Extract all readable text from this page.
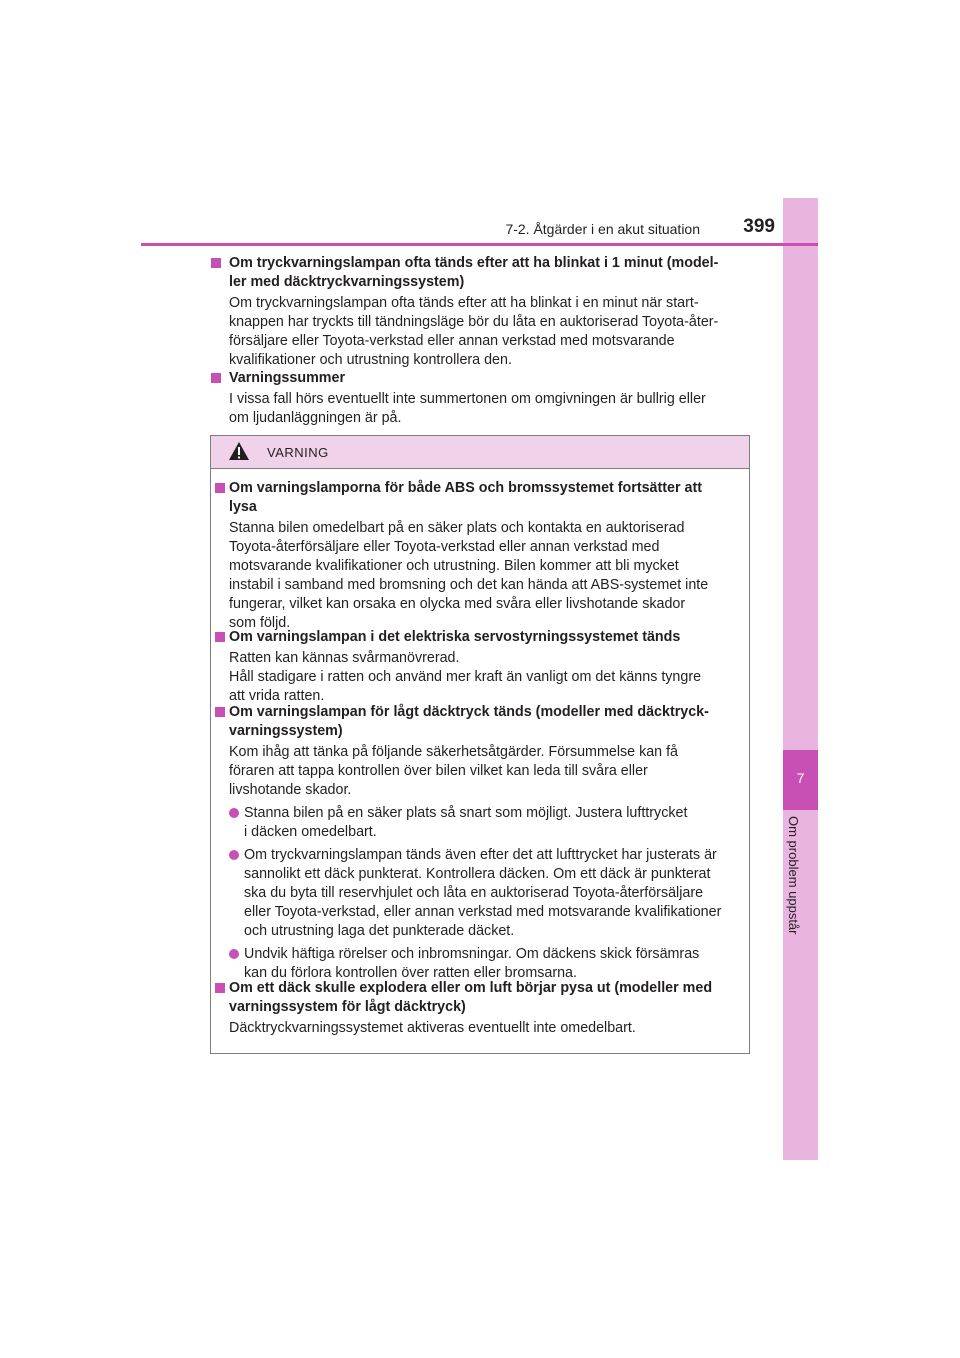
7
Om problem uppstår
7-2. Åtgärder i en akut situation	399
Om tryckvarningslampan ofta tänds efter att ha blinkat i 1 minut (model-
ler med däcktryckvarningssystem)
Om tryckvarningslampan ofta tänds efter att ha blinkat i en minut när start-
knappen har tryckts till tändningsläge bör du låta en auktoriserad Toyota-åter-
försäljare eller Toyota-verkstad eller annan verkstad med motsvarande
kvalifikationer och utrustning kontrollera den.
Varningssummer
I vissa fall hörs eventuellt inte summertonen om omgivningen är bullrig eller
om ljudanläggningen är på.
VARNING
Om varningslamporna för både ABS och bromssystemet fortsätter att
lysa
Stanna bilen omedelbart på en säker plats och kontakta en auktoriserad
Toyota-återförsäljare eller Toyota-verkstad eller annan verkstad med
motsvarande kvalifikationer och utrustning. Bilen kommer att bli mycket
instabil i samband med bromsning och det kan hända att ABS-systemet inte
fungerar, vilket kan orsaka en olycka med svåra eller livshotande skador
som följd.
Om varningslampan i det elektriska servostyrningssystemet tänds
Ratten kan kännas svårmanövrerad.
Håll stadigare i ratten och använd mer kraft än vanligt om det känns tyngre
att vrida ratten.
Om varningslampan för lågt däcktryck tänds (modeller med däcktryck-
varningssystem)
Kom ihåg att tänka på följande säkerhetsåtgärder. Försummelse kan få
föraren att tappa kontrollen över bilen vilket kan leda till svåra eller
livshotande skador.
Stanna bilen på en säker plats så snart som möjligt. Justera lufttrycket
i däcken omedelbart.
Om tryckvarningslampan tänds även efter det att lufttrycket har justerats är
sannolikt ett däck punkterat. Kontrollera däcken. Om ett däck är punkterat
ska du byta till reservhjulet och låta en auktoriserad Toyota-återförsäljare
eller Toyota-verkstad, eller annan verkstad med motsvarande kvalifikationer
och utrustning laga det punkterade däcket.
Undvik häftiga rörelser och inbromsningar. Om däckens skick försämras
kan du förlora kontrollen över ratten eller bromsarna.
Om ett däck skulle explodera eller om luft börjar pysa ut (modeller med
varningssystem för lågt däcktryck)
Däcktryckvarningssystemet aktiveras eventuellt inte omedelbart.
